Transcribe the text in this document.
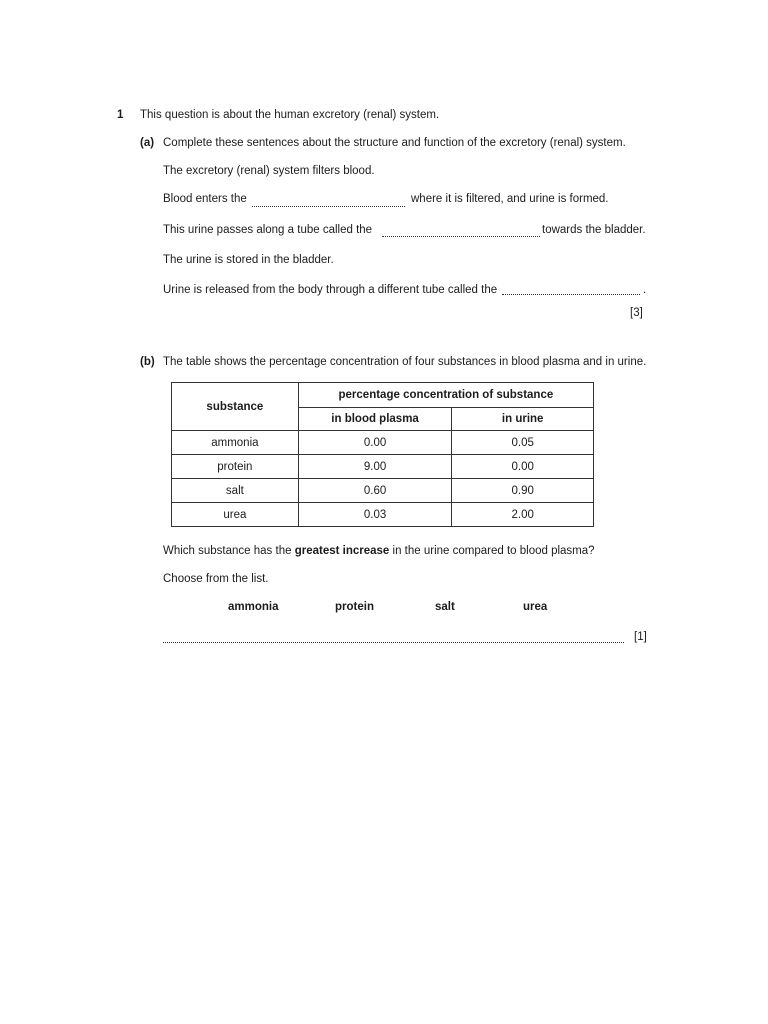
1 This question is about the human excretory (renal) system.
(a) Complete these sentences about the structure and function of the excretory (renal) system.
The excretory (renal) system filters blood.
Blood enters the	where it is filtered, and urine is formed.
This urine passes along a tube called the	towards the bladder.
The urine is stored in the bladder.
Urine is released from the body through a different tube called the	.
[3]
(b) The table shows the percentage concentration of four substances in blood plasma and in urine.
substance	percentage concentration of substance	
	in blood plasma	in urine
ammonia	0.00	0.05
protein	9.00	0.00
salt	0.60	0.90
urea	0.03	2.00
Which substance has the greatest increase in the urine compared to blood plasma?
Choose from the list.
ammonia	protein	salt	urea
[1]
